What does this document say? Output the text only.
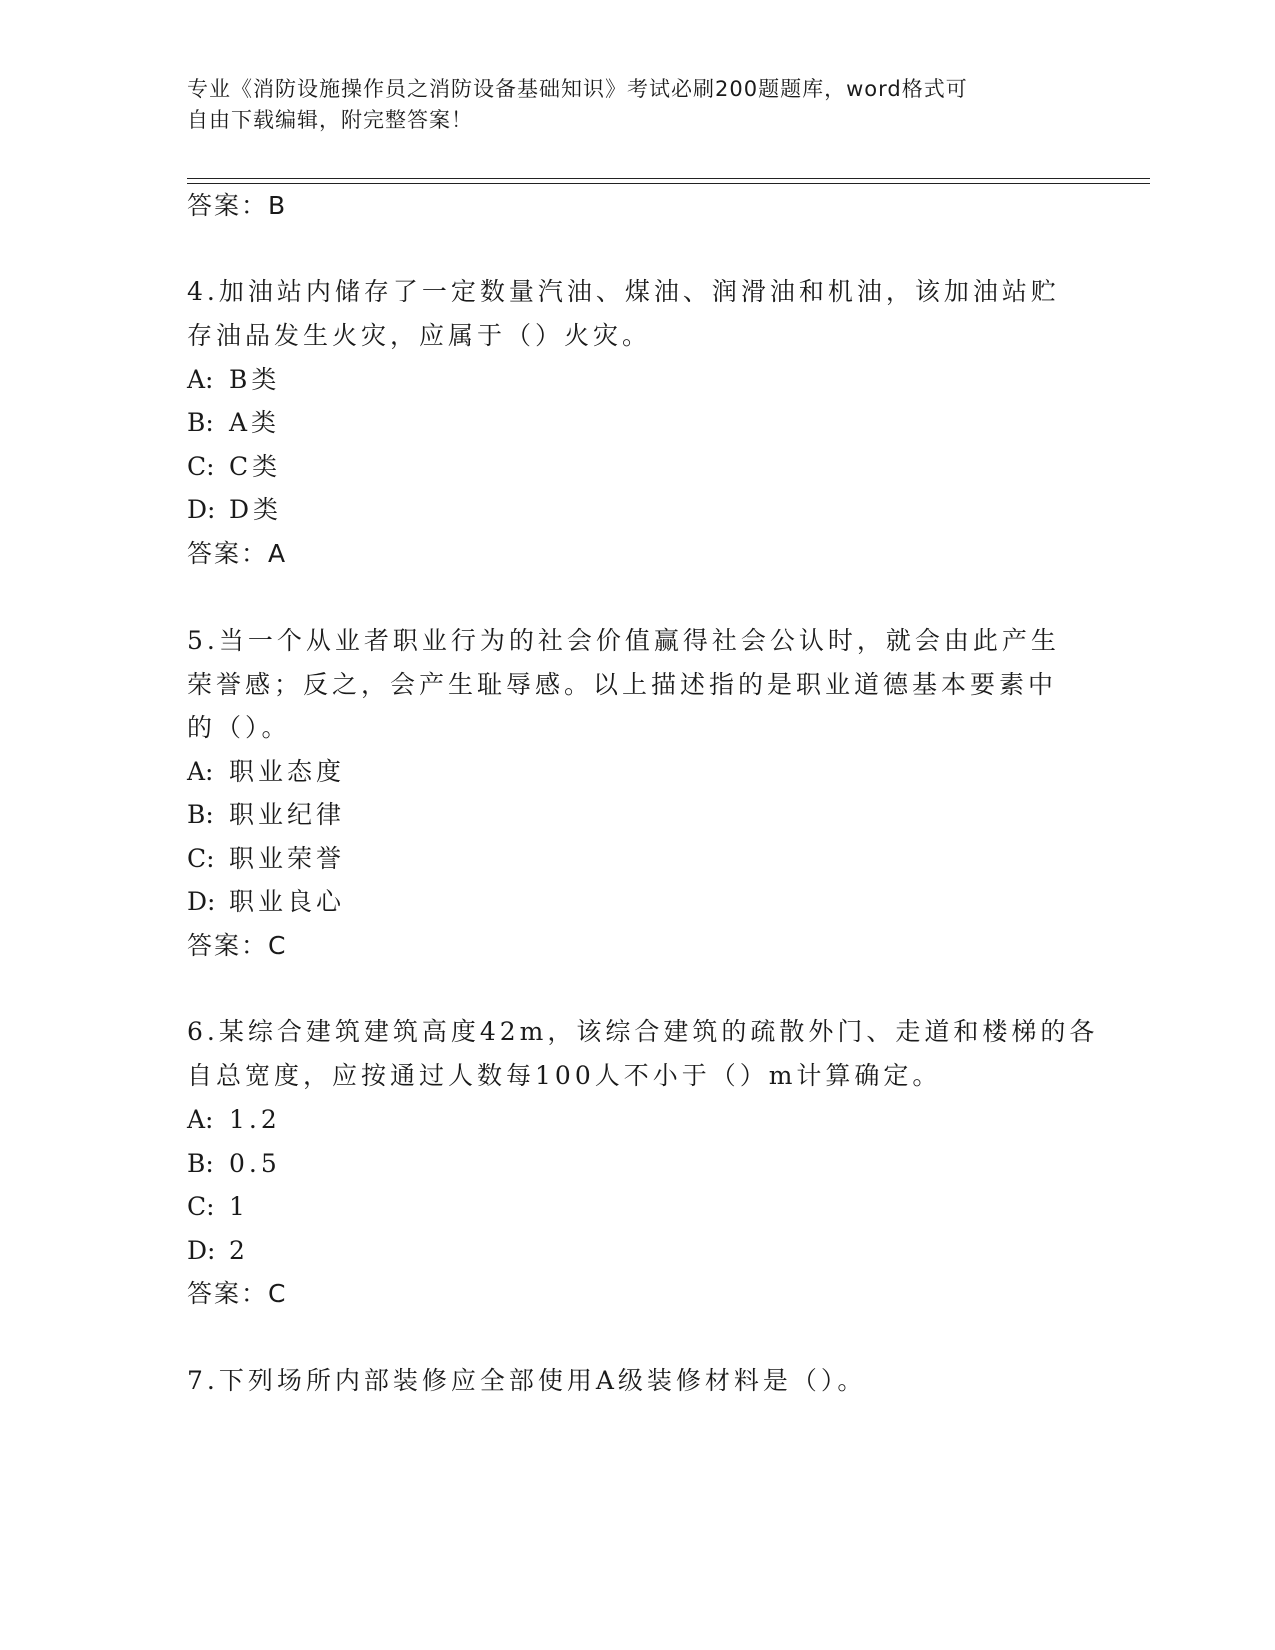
专业《消防设施操作员之消防设备基础知识》考试必刷200题题库，word格式可
自由下载编辑，附完整答案！
答案：B
4.加油站内储存了一定数量汽油、煤油、润滑油和机油，该加油站贮
存油品发生火灾，应属于（）火灾。
A: B类
B: A类
C: C类
D: D类
答案：A
5.当一个从业者职业行为的社会价值赢得社会公认时，就会由此产生
荣誉感；反之，会产生耻辱感。以上描述指的是职业道德基本要素中
的（）。
A: 职业态度
B: 职业纪律
C: 职业荣誉
D: 职业良心
答案：C
6.某综合建筑建筑高度42m，该综合建筑的疏散外门、走道和楼梯的各
自总宽度，应按通过人数每100人不小于（）m计算确定。
A: 1.2
B: 0.5
C: 1
D: 2
答案：C
7.下列场所内部装修应全部使用A级装修材料是（）。
